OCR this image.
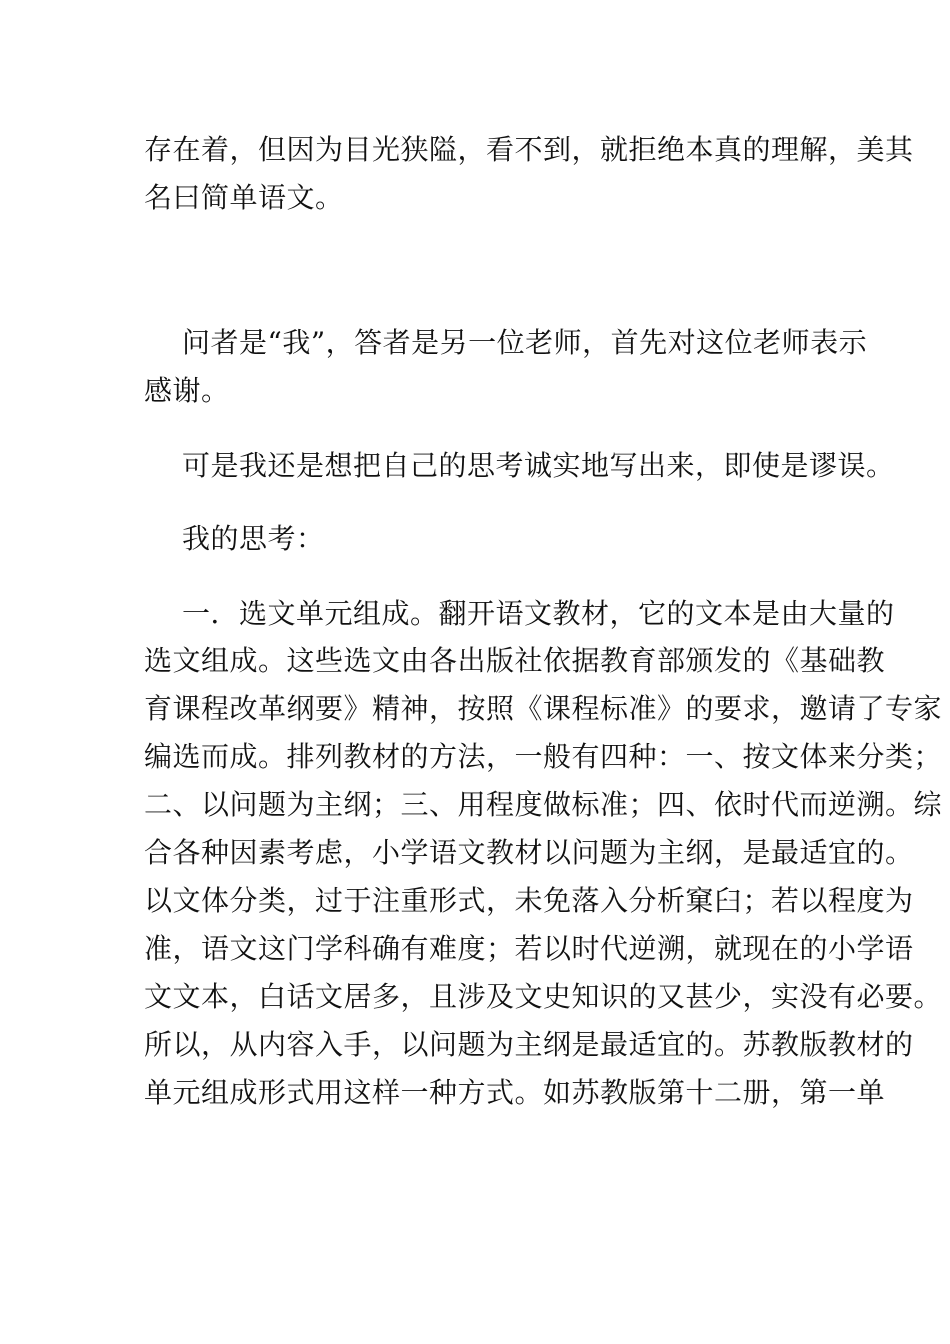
存在着，但因为目光狭隘，看不到，就拒绝本真的理解，美其
名曰简单语文。
问者是“我”，答者是另一位老师，首先对这位老师表示
感谢。
可是我还是想把自己的思考诚实地写出来，即使是谬误。
我的思考：
一．选文单元组成。翻开语文教材，它的文本是由大量的
选文组成。这些选文由各出版社依据教育部颁发的《基础教
育课程改革纲要》精神，按照《课程标准》的要求，邀请了专家
编选而成。排列教材的方法，一般有四种：一、按文体来分类；
二、以问题为主纲；三、用程度做标准；四、依时代而逆溯。综
合各种因素考虑，小学语文教材以问题为主纲，是最适宜的。
以文体分类，过于注重形式，未免落入分析窠臼；若以程度为
准，语文这门学科确有难度；若以时代逆溯，就现在的小学语
文文本，白话文居多，且涉及文史知识的又甚少，实没有必要。
所以，从内容入手，以问题为主纲是最适宜的。苏教版教材的
单元组成形式用这样一种方式。如苏教版第十二册，第一单
